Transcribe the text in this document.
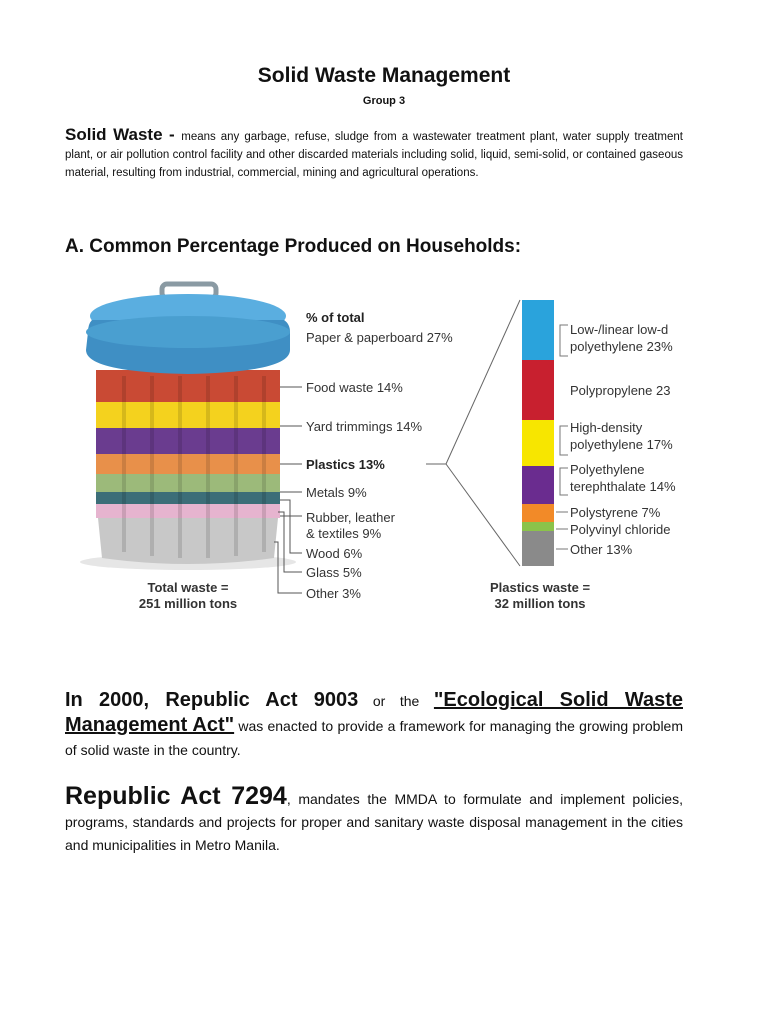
Solid Waste Management
Group 3
Solid Waste - means any garbage, refuse, sludge from a wastewater treatment plant, water supply treatment plant, or air pollution control facility and other discarded materials including solid, liquid, semi-solid, or contained gaseous material, resulting from industrial, commercial, mining and agricultural operations.
A. Common Percentage Produced on Households:
% of total
Paper & paperboard 27%
Food waste 14%
Yard trimmings 14%
Plastics 13%
Metals 9%
Rubber, leather
& textiles 9%
Wood 6%
Glass 5%
Other 3%
Total waste =
251 million tons
Low-/linear low-d
polyethylene 23%
Polypropylene 23
High-density
polyethylene 17%
Polyethylene
terephthalate 14%
Polystyrene 7%
Polyvinyl chloride
Other 13%
Plastics waste =
32 million tons
In 2000, Republic Act 9003 or the "Ecological Solid Waste Management Act" was enacted to provide a framework for managing the growing problem of solid waste in the country.
Republic Act 7294, mandates the MMDA to formulate and implement policies, programs, standards and projects for proper and sanitary waste disposal management in the cities and municipalities in Metro Manila.
